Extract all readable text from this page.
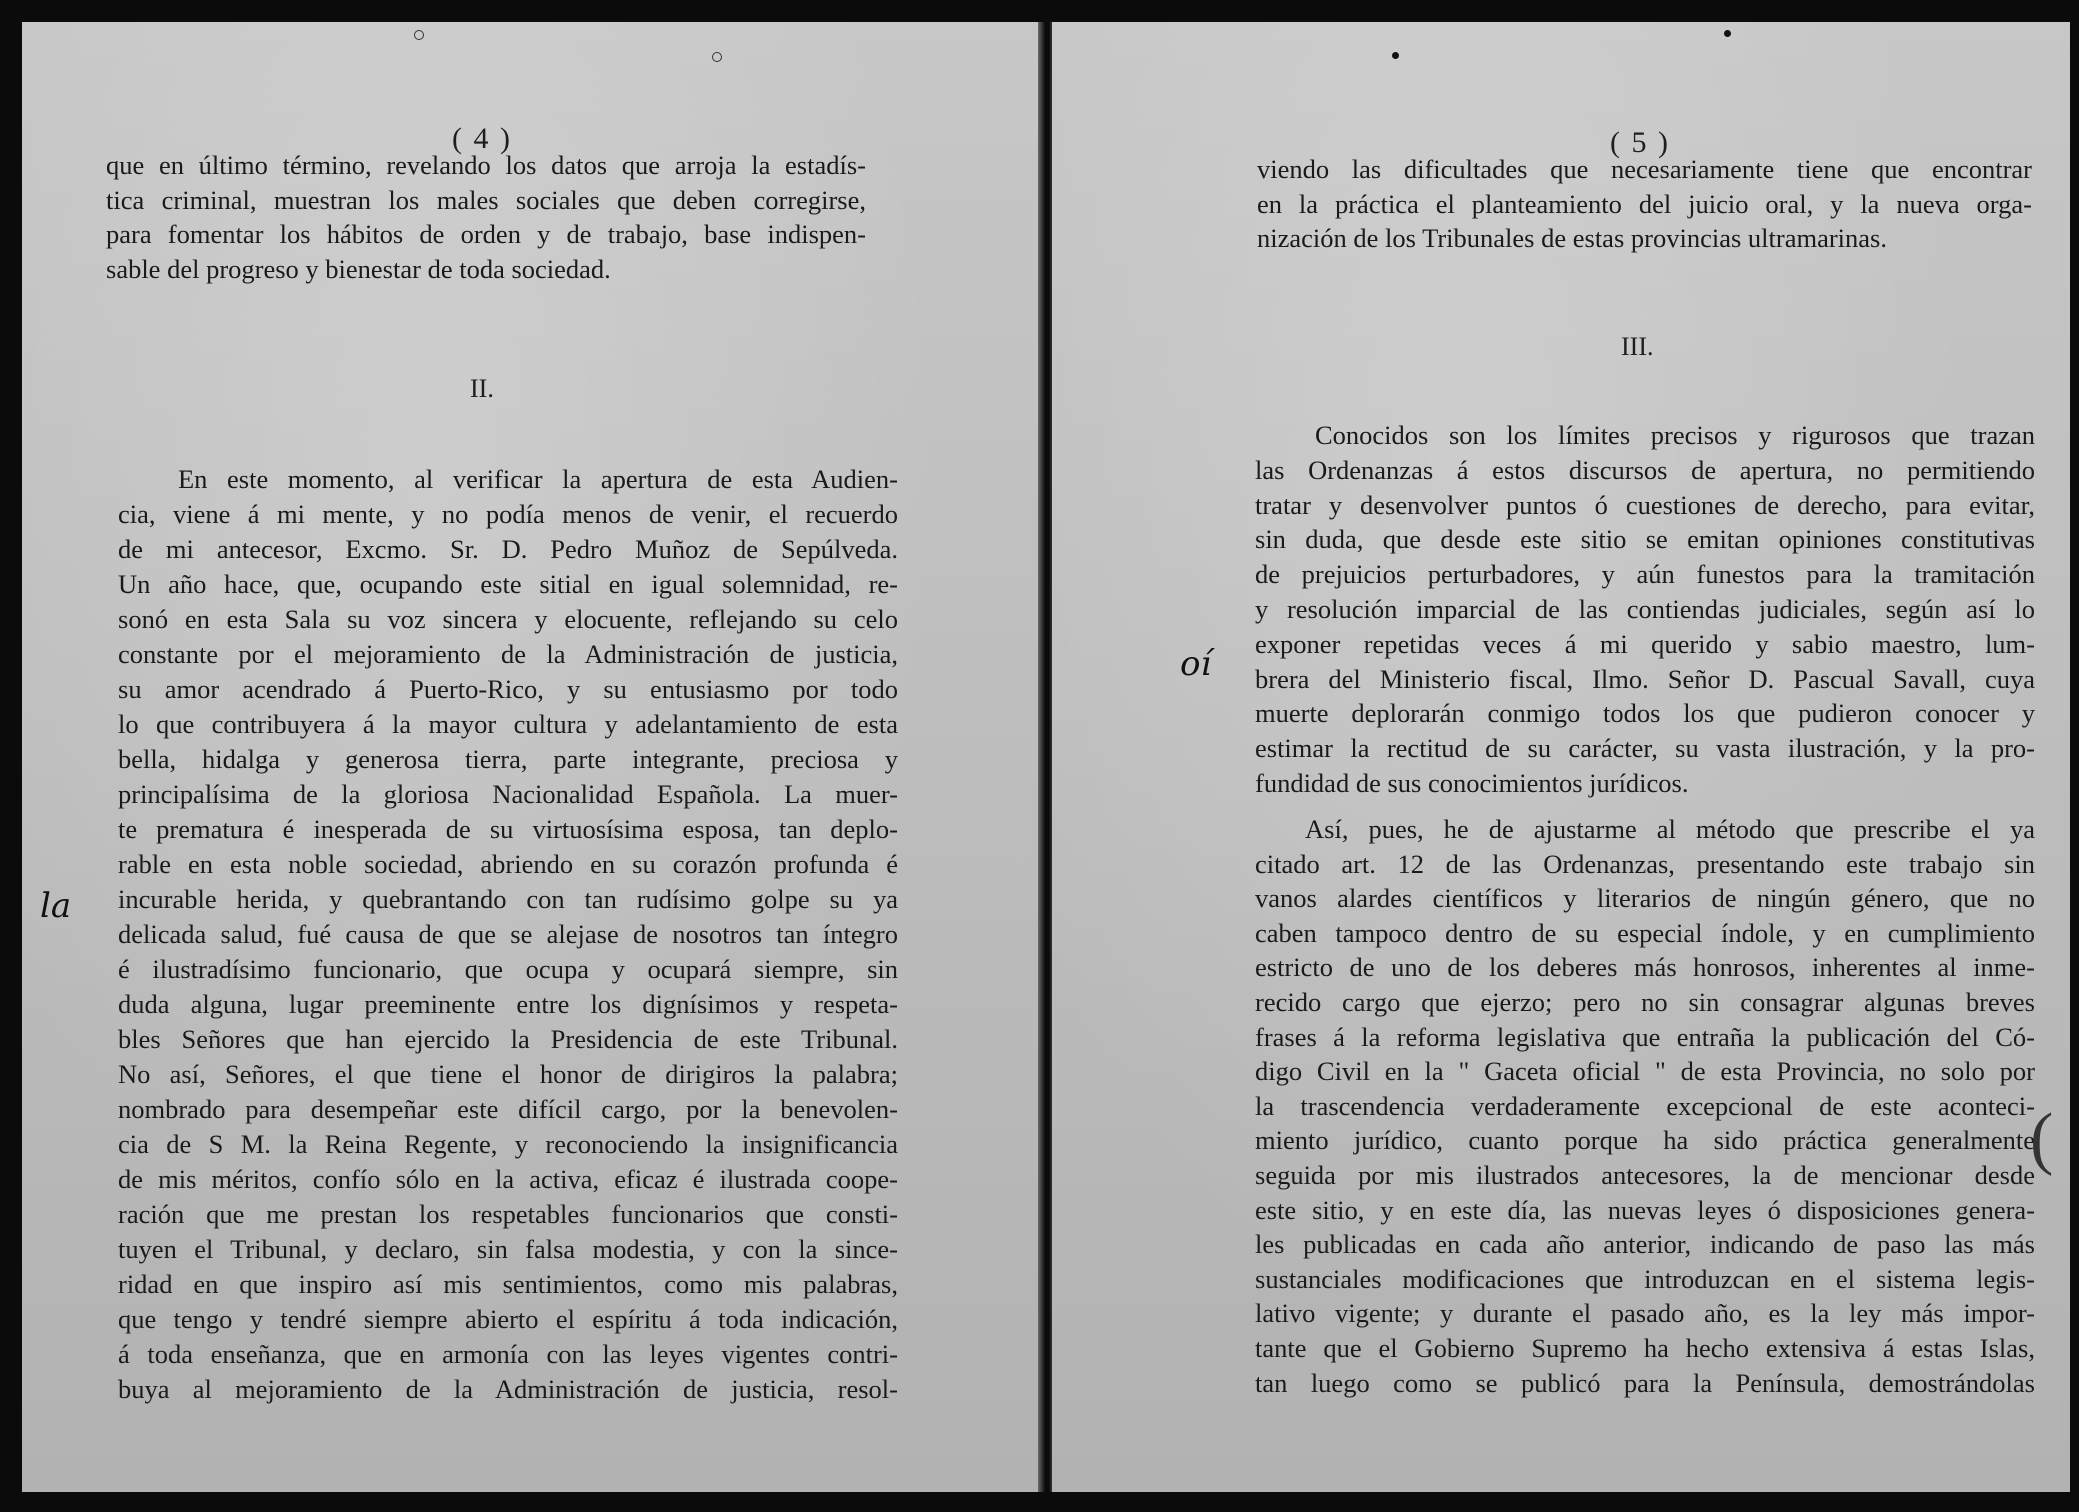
( 4 )
que en último término, revelando los datos que arroja la estadís-
tica criminal, muestran los males sociales que deben corregirse,
para fomentar los hábitos de orden y de trabajo, base indispen-
sable del progreso y bienestar de toda sociedad.
II.
En este momento, al verificar la apertura de esta Audien-
cia, viene á mi mente, y no podía menos de venir, el recuerdo
de mi antecesor, Excmo. Sr. D. Pedro Muñoz de Sepúlveda.
Un año hace, que, ocupando este sitial en igual solemnidad, re-
sonó en esta Sala su voz sincera y elocuente, reflejando su celo
constante por el mejoramiento de la Administración de justicia,
su amor acendrado á Puerto-Rico, y su entusiasmo por todo
lo que contribuyera á la mayor cultura y adelantamiento de esta
bella, hidalga y generosa tierra, parte integrante, preciosa y
principalísima de la gloriosa Nacionalidad Española. La muer-
te prematura é inesperada de su virtuosísima esposa, tan deplo-
rable en esta noble sociedad, abriendo en su corazón profunda é
incurable herida, y quebrantando con tan rudísimo golpe su ya
delicada salud, fué causa de que se alejase de nosotros tan íntegro
é ilustradísimo funcionario, que ocupa y ocupará siempre, sin
duda alguna, lugar preeminente entre los dignísimos y respeta-
bles Señores que han ejercido la Presidencia de este Tribunal.
No así, Señores, el que tiene el honor de dirigiros la palabra;
nombrado para desempeñar este difícil cargo, por la benevolen-
cia de S M. la Reina Regente, y reconociendo la insignificancia
de mis méritos, confío sólo en la activa, eficaz é ilustrada coope-
ración que me prestan los respetables funcionarios que consti-
tuyen el Tribunal, y declaro, sin falsa modestia, y con la since-
ridad en que inspiro así mis sentimientos, como mis palabras,
que tengo y tendré siempre abierto el espíritu á toda indicación,
á toda enseñanza, que en armonía con las leyes vigentes contri-
buya al mejoramiento de la Administración de justicia, resol-
la
( 5 )
viendo las dificultades que necesariamente tiene que encontrar
en la práctica el planteamiento del juicio oral, y la nueva orga-
nización de los Tribunales de estas provincias ultramarinas.
III.
Conocidos son los límites precisos y rigurosos que trazan
las Ordenanzas á estos discursos de apertura, no permitiendo
tratar y desenvolver puntos ó cuestiones de derecho, para evitar,
sin duda, que desde este sitio se emitan opiniones constitutivas
de prejuicios perturbadores, y aún funestos para la tramitación
y resolución imparcial de las contiendas judiciales, según así lo
exponer repetidas veces á mi querido y sabio maestro, lum-
brera del Ministerio fiscal, Ilmo. Señor D. Pascual Savall, cuya
muerte deplorarán conmigo todos los que pudieron conocer y
estimar la rectitud de su carácter, su vasta ilustración, y la pro-
fundidad de sus conocimientos jurídicos.
Así, pues, he de ajustarme al método que prescribe el ya
citado art. 12 de las Ordenanzas, presentando este trabajo sin
vanos alardes científicos y literarios de ningún género, que no
caben tampoco dentro de su especial índole, y en cumplimiento
estricto de uno de los deberes más honrosos, inherentes al inme-
recido cargo que ejerzo; pero no sin consagrar algunas breves
frases á la reforma legislativa que entraña la publicación del Có-
digo Civil en la " Gaceta oficial " de esta Provincia, no solo por
la trascendencia verdaderamente excepcional de este aconteci-
miento jurídico, cuanto porque ha sido práctica generalmente
seguida por mis ilustrados antecesores, la de mencionar desde
este sitio, y en este día, las nuevas leyes ó disposiciones genera-
les publicadas en cada año anterior, indicando de paso las más
sustanciales modificaciones que introduzcan en el sistema legis-
lativo vigente; y durante el pasado año, es la ley más impor-
tante que el Gobierno Supremo ha hecho extensiva á estas Islas,
tan luego como se publicó para la Península, demostrándolas
oí
(
